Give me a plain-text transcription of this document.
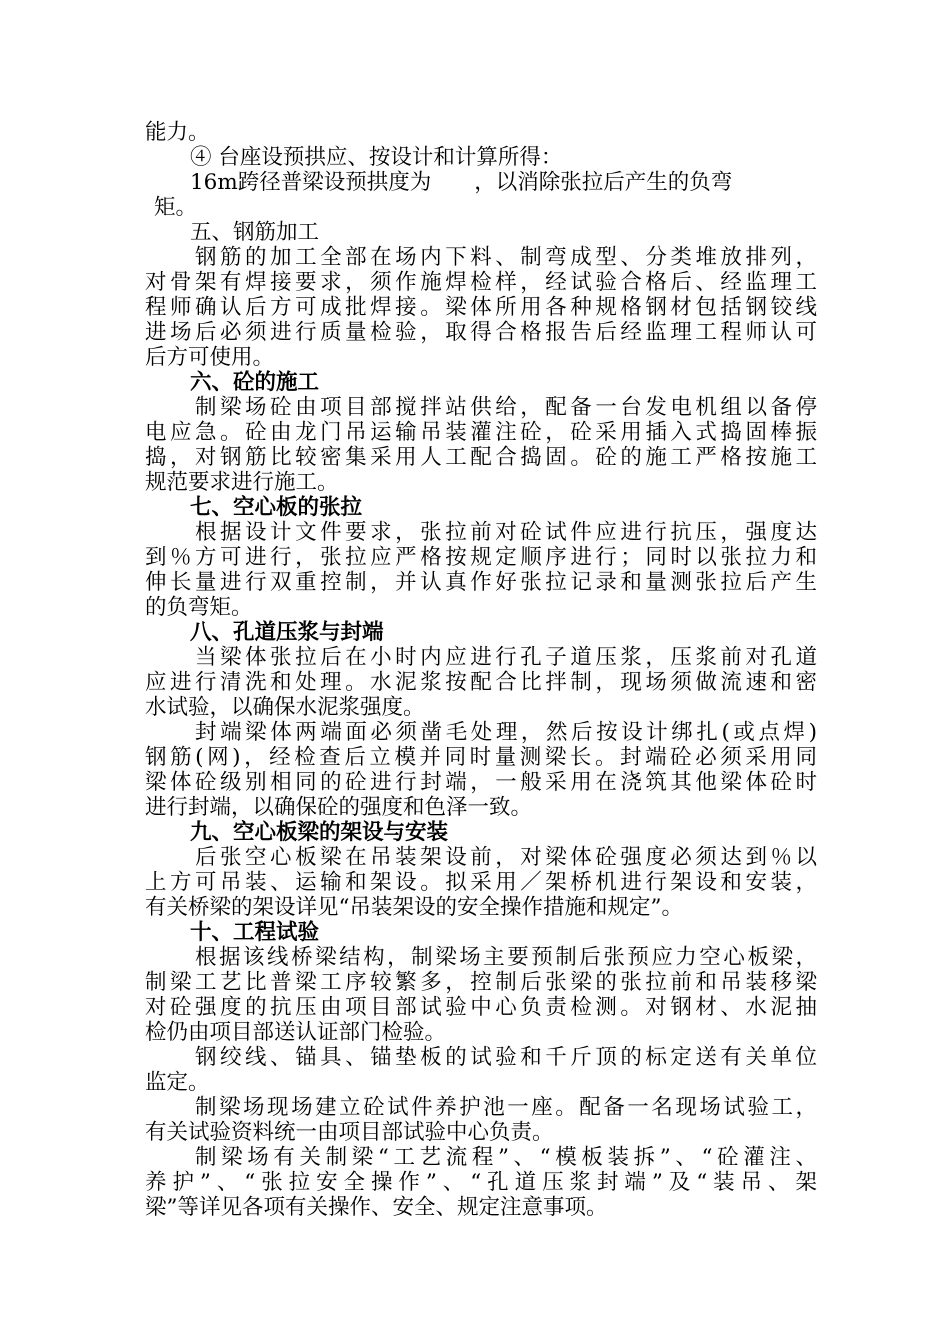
能力。
④ 台座设预拱应、按设计和计算所得：
16m跨径普梁设预拱度为　　，以消除张拉后产生的负弯
矩。
五、钢筋加工
钢筋的加工全部在场内下料、制弯成型、分类堆放排列，
对骨架有焊接要求，须作施焊检样，经试验合格后、经监理工
程师确认后方可成批焊接。梁体所用各种规格钢材包括钢铰线
进场后必须进行质量检验，取得合格报告后经监理工程师认可
后方可使用。
六、砼的施工
制梁场砼由项目部搅拌站供给，配备一台发电机组以备停
电应急。砼由龙门吊运输吊装灌注砼，砼采用插入式捣固棒振
捣，对钢筋比较密集采用人工配合捣固。砼的施工严格按施工
规范要求进行施工。
七、空心板的张拉
根据设计文件要求，张拉前对砼试件应进行抗压，强度达
到％方可进行，张拉应严格按规定顺序进行；同时以张拉力和
伸长量进行双重控制，并认真作好张拉记录和量测张拉后产生
的负弯矩。
八、孔道压浆与封端
当梁体张拉后在小时内应进行孔子道压浆，压浆前对孔道
应进行清洗和处理。水泥浆按配合比拌制，现场须做流速和密
水试验，以确保水泥浆强度。
封端梁体两端面必须凿毛处理，然后按设计绑扎(或点焊)
钢筋(网)，经检查后立模并同时量测梁长。封端砼必须采用同
梁体砼级别相同的砼进行封端，一般采用在浇筑其他梁体砼时
进行封端，以确保砼的强度和色泽一致。
九、空心板梁的架设与安装
后张空心板梁在吊装架设前，对梁体砼强度必须达到％以
上方可吊装、运输和架设。拟采用／架桥机进行架设和安装，
有关桥梁的架设详见“吊装架设的安全操作措施和规定”。
十、工程试验
根据该线桥梁结构，制梁场主要预制后张预应力空心板梁，
制梁工艺比普梁工序较繁多，控制后张梁的张拉前和吊装移梁
对砼强度的抗压由项目部试验中心负责检测。对钢材、水泥抽
检仍由项目部送认证部门检验。
钢绞线、锚具、锚垫板的试验和千斤顶的标定送有关单位
监定。
制梁场现场建立砼试件养护池一座。配备一名现场试验工，
有关试验资料统一由项目部试验中心负责。
制梁场有关制梁“工艺流程”、“模板装拆”、“砼灌注、
养护”、“张拉安全操作”、“孔道压浆封端”及“装吊、架
梁”等详见各项有关操作、安全、规定注意事项。
